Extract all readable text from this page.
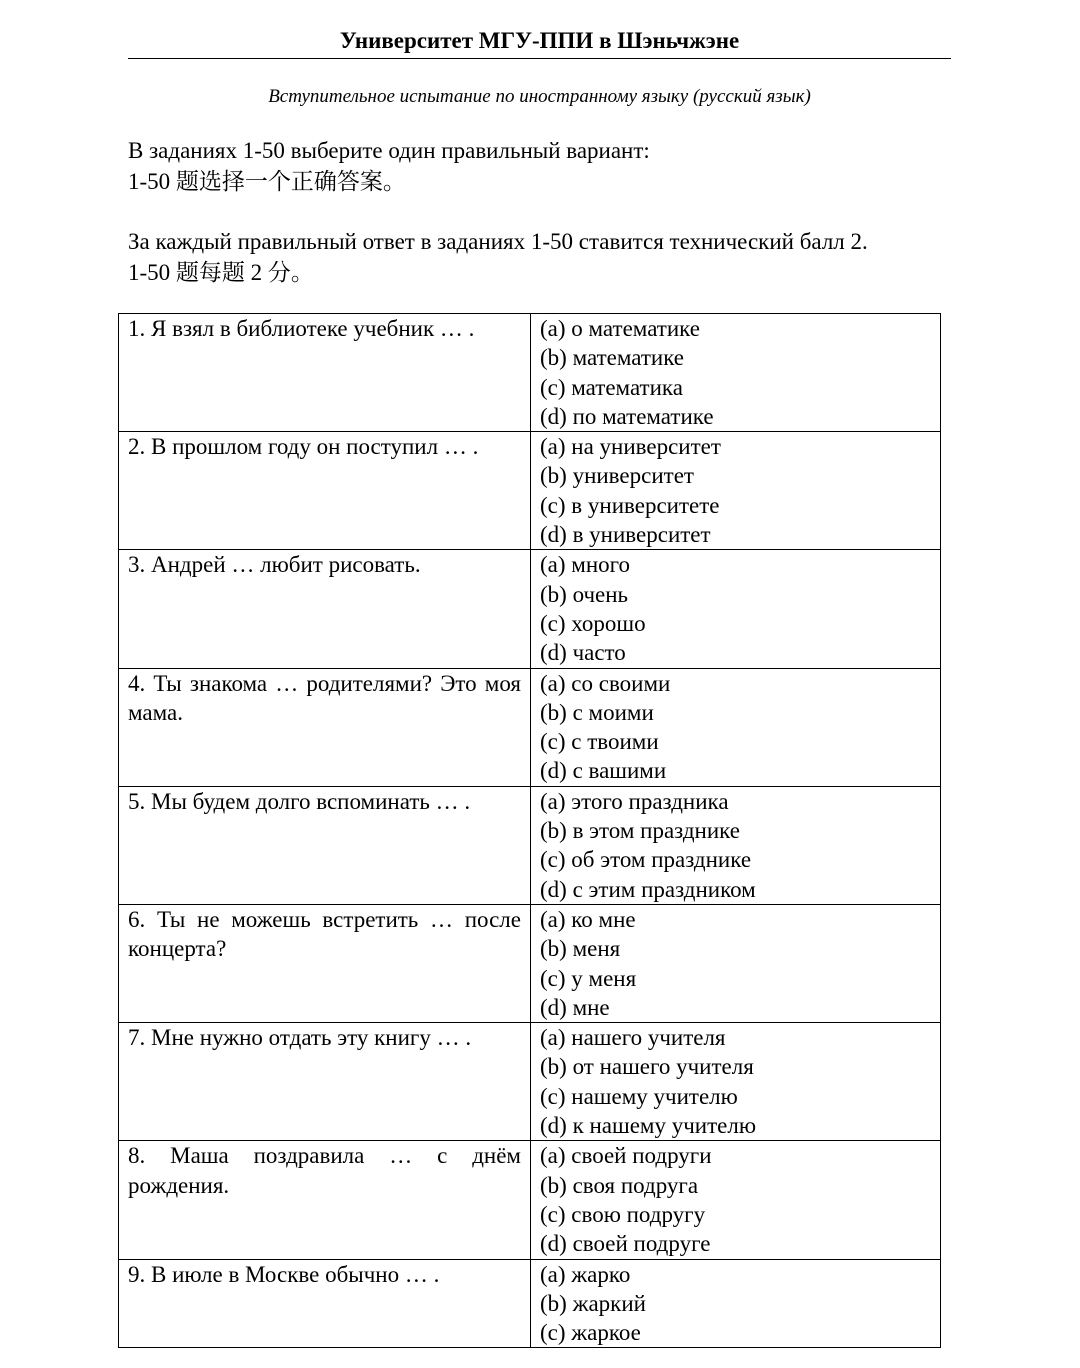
Университет МГУ-ППИ в Шэньчжэне
Вступительное испытание по иностранному языку (русский язык)
В заданиях 1-50 выберите один правильный вариант:
1-50 题选择一个正确答案。
За каждый правильный ответ в заданиях 1-50 ставится технический балл 2.
1-50 题每题 2 分。
1. Я взял в библиотеке учебник … .	(a) о математике
(b) математике
(c) математика
(d) по математике

2. В прошлом году он поступил … .	(a) на университет
(b) университет
(c) в университете
(d) в университет

3. Андрей … любит рисовать.	(a) много
(b) очень
(c) хорошо
(d) часто

4. Ты знакома … родителями? Это моя мама.	(a) со своими
(b) с моими
(c) с твоими
(d) с вашими

5. Мы будем долго вспоминать … .	(a) этого праздника
(b) в этом празднике
(c) об этом празднике
(d) с этим праздником

6. Ты не можешь встретить … после концерта?	(a) ко мне
(b) меня
(c) у меня
(d) мне

7. Мне нужно отдать эту книгу … .	(a) нашего учителя
(b) от нашего учителя
(c) нашему учителю
(d) к нашему учителю

8. Маша поздравила … с днём рождения.	(a) своей подруги
(b) своя подруга
(c) свою подругу
(d) своей подруге

9. В июле в Москве обычно … .	(a) жарко
(b) жаркий
(c) жаркое
